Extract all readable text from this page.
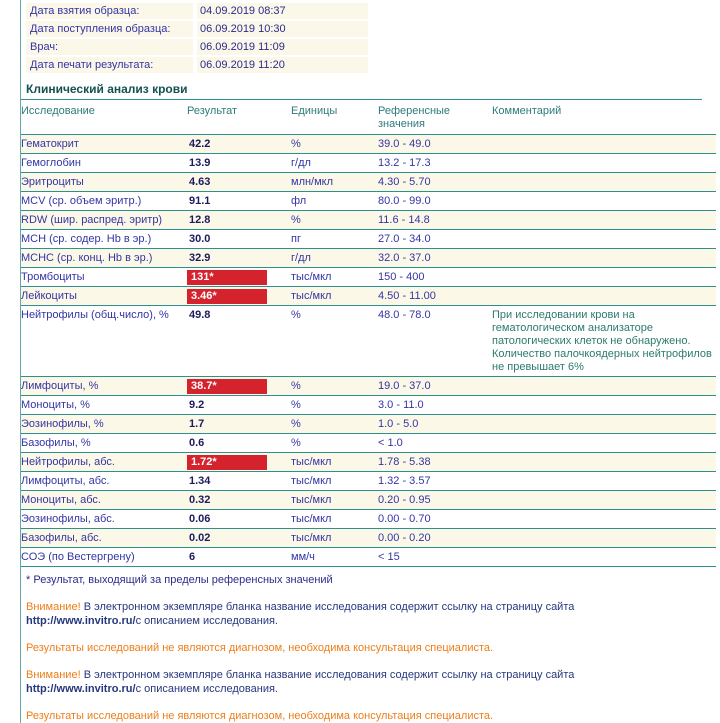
Дата взятия образца:	04.09.2019 08:37
Дата поступления образца:	06.09.2019 10:30
Врач:	06.09.2019 11:09
Дата печати результата:	06.09.2019 11:20
Клинический анализ крови
Исследование	Результат	Единицы	Референсные значения	Комментарий
Гематокрит	42.2	%	39.0 - 49.0	
Гемоглобин	13.9	г/дл	13.2 - 17.3	
Эритроциты	4.63	млн/мкл	4.30 - 5.70	
MCV (ср. объем эритр.)	91.1	фл	80.0 - 99.0	
RDW (шир. распред. эритр)	12.8	%	11.6 - 14.8	
MCH (ср. содер. Hb в эр.)	30.0	пг	27.0 - 34.0	
MCHC (ср. конц. Hb в эр.)	32.9	г/дл	32.0 - 37.0	
Тромбоциты	131*	тыс/мкл	150 - 400	
Лейкоциты	3.46*	тыс/мкл	4.50 - 11.00	
Нейтрофилы (общ.число), %	49.8	%	48.0 - 78.0	При исследовании крови на гематологическом анализаторе патологических клеток не обнаружено. Количество палочкоядерных нейтрофилов не превышает 6%
Лимфоциты, %	38.7*	%	19.0 - 37.0	
Моноциты, %	9.2	%	3.0 - 11.0	
Эозинофилы, %	1.7	%	1.0 - 5.0	
Базофилы, %	0.6	%	< 1.0	
Нейтрофилы, абс.	1.72*	тыс/мкл	1.78 - 5.38	
Лимфоциты, абс.	1.34	тыс/мкл	1.32 - 3.57	
Моноциты, абс.	0.32	тыс/мкл	0.20 - 0.95	
Эозинофилы, абс.	0.06	тыс/мкл	0.00 - 0.70	
Базофилы, абс.	0.02	тыс/мкл	0.00 - 0.20	
СОЭ (по Вестергрену)	6	мм/ч	< 15	
* Результат, выходящий за пределы референсных значений

Внимание! В электронном экземпляре бланка название исследования содержит ссылку на страницу сайта http://www.invitro.ru/с описанием исследования.

Результаты исследований не являются диагнозом, необходима консультация специалиста.

Внимание! В электронном экземпляре бланка название исследования содержит ссылку на страницу сайта http://www.invitro.ru/с описанием исследования.

Результаты исследований не являются диагнозом, необходима консультация специалиста.
